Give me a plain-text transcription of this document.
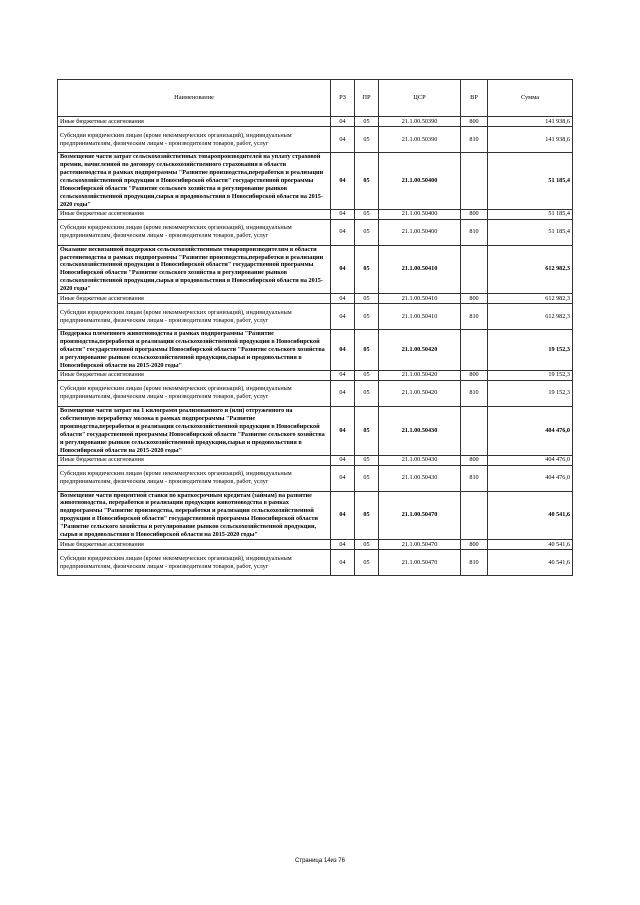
Наименование	РЗ	ПР	ЦСР	ВР	Сумма
Иные бюджетные ассигнования	04	05	21.1.00.50390	800	141 938,6
Субсидии юридическим лицам (кроме некоммерческих организаций), индивидуальным предпринимателям, физическим лицам - производителям товаров, работ, услуг	04	05	21.1.00.50390	810	141 938,6
Возмещение части затрат сельскохозяйственных товаропроизводителей на уплату страховой премии, начисленной по договору сельскохозяйственного страхования в области растениеводства в рамках подпрограммы "Развитие производства,переработки и реализации сельскохозяйственной продукции в Новосибирской области" государственной программы Новосибирской области "Развитие сельского хозяйства и регулирование рынков сельскохозяйственной продукции,сырья и продовольствия в Новосибирской области на 2015-2020 годы"	04	05	21.1.00.50400		51 185,4
Иные бюджетные ассигнования	04	05	21.1.00.50400	800	51 185,4
Субсидии юридическим лицам (кроме некоммерческих организаций), индивидуальным предпринимателям, физическим лицам - производителям товаров, работ, услуг	04	05	21.1.00.50400	810	51 185,4
Оказание несвязанной поддержки сельскохозяйственным товаропроизводителям в области растениеводства в рамках подпрограммы "Развитие производства,переработки и реализации сельскохозяйственной продукции в Новосибирской области" государственной программы Новосибирской области "Развитие сельского хозяйства и регулирование рынков сельскохозяйственной продукции,сырья и продовольствия в Новосибирской области на 2015-2020 годы"	04	05	21.1.00.50410		612 982,3
Иные бюджетные ассигнования	04	05	21.1.00.50410	800	612 982,3
Субсидии юридическим лицам (кроме некоммерческих организаций), индивидуальным предпринимателям, физическим лицам - производителям товаров, работ, услуг	04	05	21.1.00.50410	810	612 982,3
Поддержка племенного животноводства в рамках подпрограммы "Развитие производства,переработки и реализации сельскохозяйственной продукции в Новосибирской области" государственной программы Новосибирской области "Развитие сельского хозяйства и регулирование рынков сельскохозяйственной продукции,сырья и продовольствия в Новосибирской области на 2015-2020 годы"	04	05	21.1.00.50420		19 152,3
Иные бюджетные ассигнования	04	05	21.1.00.50420	800	19 152,3
Субсидии юридическим лицам (кроме некоммерческих организаций), индивидуальным предпринимателям, физическим лицам - производителям товаров, работ, услуг	04	05	21.1.00.50420	810	19 152,3
Возмещение части затрат на 1 килограмм реализованного и (или) отгруженного на собственную переработку молока в рамках подпрограммы "Развитие производства,переработки и реализации сельскохозяйственной продукции в Новосибирской области" государственной программы Новосибирской области "Развитие сельского хозяйства и регулирование рынков сельскохозяйственной продукции,сырья и продовольствия в Новосибирской области на 2015-2020 годы"	04	05	21.1.00.50430		404 476,0
Иные бюджетные ассигнования	04	05	21.1.00.50430	800	404 476,0
Субсидии юридическим лицам (кроме некоммерческих организаций), индивидуальным предпринимателям, физическим лицам - производителям товаров, работ, услуг	04	05	21.1.00.50430	810	404 476,0
Возмещение части процентной ставки по краткосрочным кредитам (займам) на развитие животноводства, переработки и реализации продукции животноводства в рамках подпрограммы "Развитие производства, переработки и реализации сельскохозяйственной продукции в Новосибирской области" государственной программы Новосибирской области "Развитие сельского хозяйства и регулирование рынков сельскохозяйственной продукции, сырья и продовольствия в Новосибирской области на 2015-2020 годы"	04	05	21.1.00.50470		40 541,6
Иные бюджетные ассигнования	04	05	21.1.00.50470	800	40 541,6
Субсидии юридическим лицам (кроме некоммерческих организаций), индивидуальным предпринимателям, физическим лицам - производителям товаров, работ, услуг	04	05	21.1.00.50470	810	40 541,6
Страница 14из 76
